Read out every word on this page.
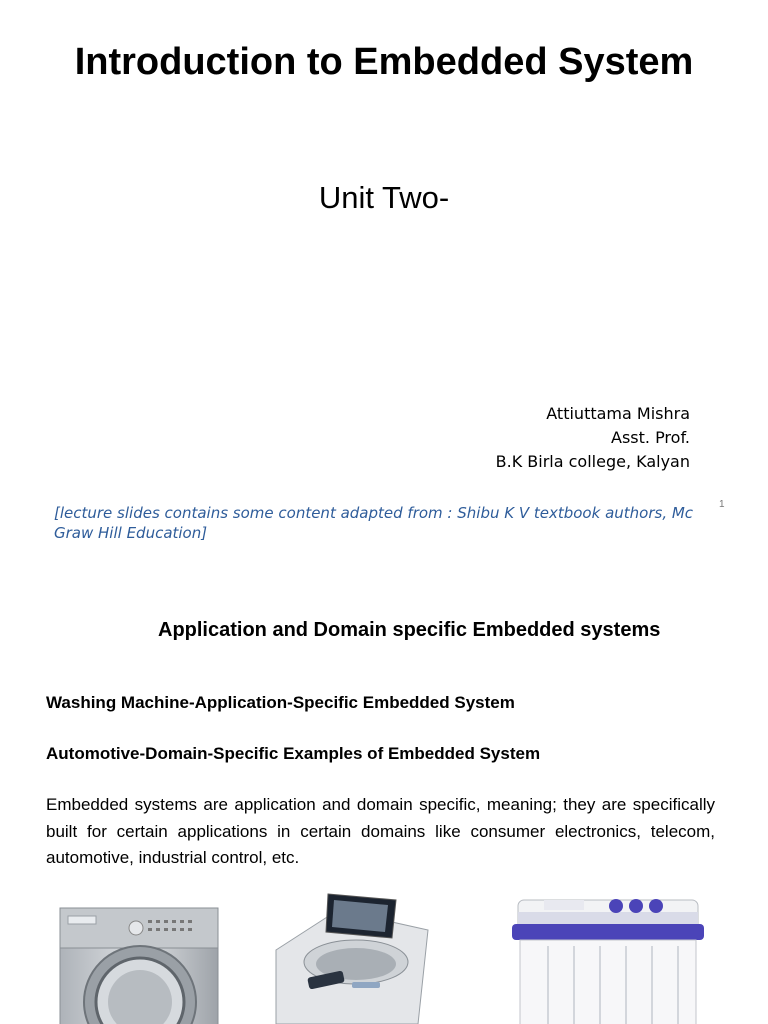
Introduction to Embedded System
Unit Two-
Attiuttama Mishra
Asst. Prof.
B.K Birla college, Kalyan
[lecture slides contains some content adapted from : Shibu K V textbook authors, Mc Graw Hill Education]
1
Application and Domain specific Embedded systems
Washing Machine-Application-Specific Embedded System
Automotive-Domain-Specific Examples of Embedded System
Embedded systems are application and domain specific, meaning; they are specifically built for certain applications in certain domains like consumer electronics, telecom, automotive, industrial control, etc.
